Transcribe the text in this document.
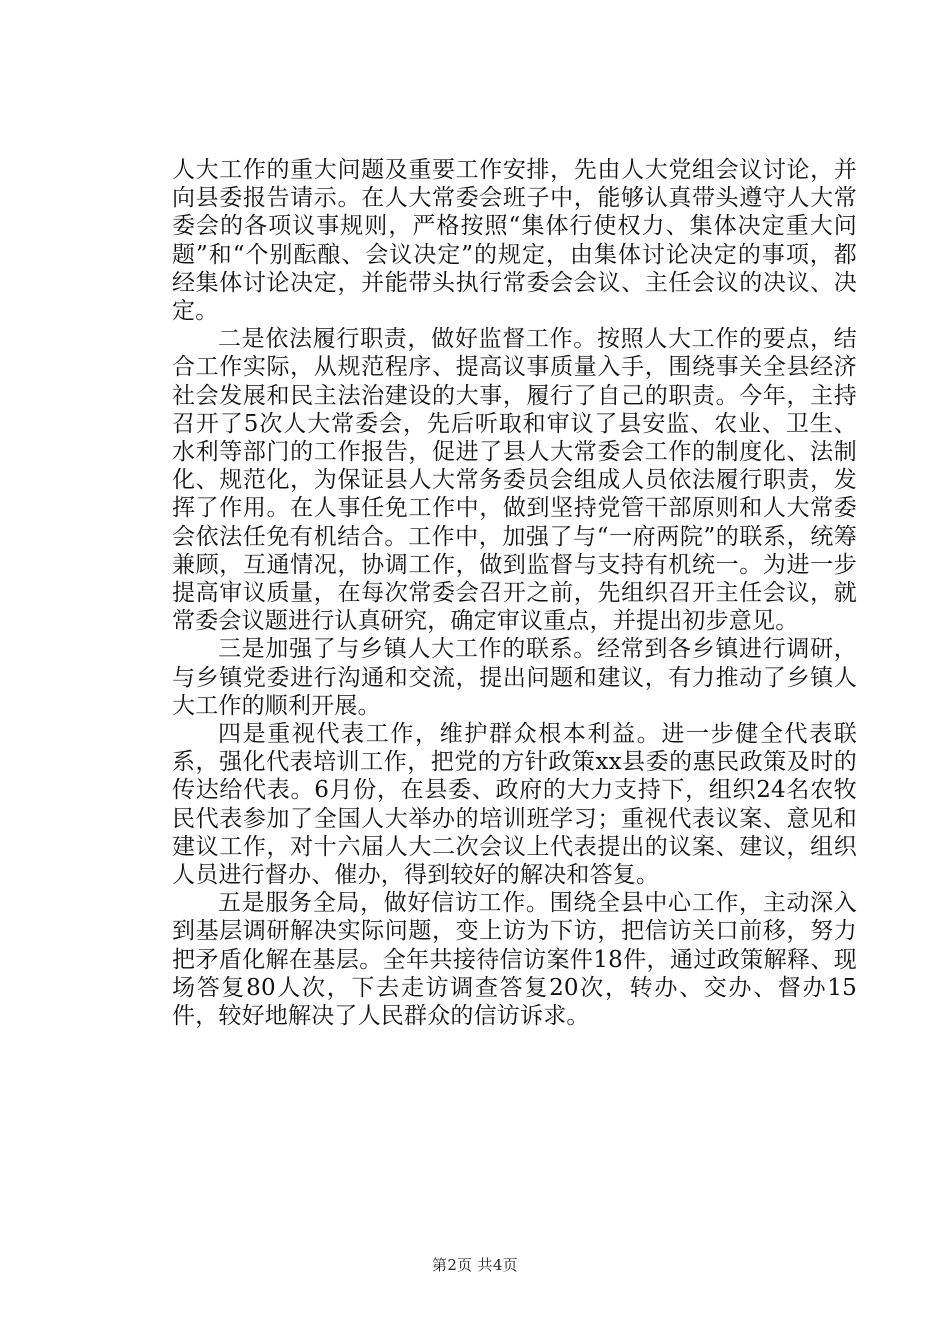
人大工作的重大问题及重要工作安排，先由人大党组会议讨论，并向县委报告请示。在人大常委会班子中，能够认真带头遵守人大常委会的各项议事规则，严格按照“集体行使权力、集体决定重大问题”和“个别酝酿、会议决定”的规定，由集体讨论决定的事项，都经集体讨论决定，并能带头执行常委会会议、主任会议的决议、决定。

二是依法履行职责，做好监督工作。按照人大工作的要点，结合工作实际，从规范程序、提高议事质量入手，围绕事关全县经济社会发展和民主法治建设的大事，履行了自己的职责。今年，主持召开了5次人大常委会，先后听取和审议了县安监、农业、卫生、水利等部门的工作报告，促进了县人大常委会工作的制度化、法制化、规范化，为保证县人大常务委员会组成人员依法履行职责，发挥了作用。在人事任免工作中，做到坚持党管干部原则和人大常委会依法任免有机结合。工作中，加强了与“一府两院”的联系，统筹兼顾，互通情况，协调工作，做到监督与支持有机统一。为进一步提高审议质量，在每次常委会召开之前，先组织召开主任会议，就常委会议题进行认真研究，确定审议重点，并提出初步意见。

三是加强了与乡镇人大工作的联系。经常到各乡镇进行调研，与乡镇党委进行沟通和交流，提出问题和建议，有力推动了乡镇人大工作的顺利开展。

四是重视代表工作，维护群众根本利益。进一步健全代表联系，强化代表培训工作，把党的方针政策xx县委的惠民政策及时的传达给代表。6月份，在县委、政府的大力支持下，组织24名农牧民代表参加了全国人大举办的培训班学习；重视代表议案、意见和建议工作，对十六届人大二次会议上代表提出的议案、建议，组织人员进行督办、催办，得到较好的解决和答复。

五是服务全局，做好信访工作。围绕全县中心工作，主动深入到基层调研解决实际问题，变上访为下访，把信访关口前移，努力把矛盾化解在基层。全年共接待信访案件18件，通过政策解释、现场答复80人次，下去走访调查答复20次，转办、交办、督办15件，较好地解决了人民群众的信访诉求。

第2页 共4页
